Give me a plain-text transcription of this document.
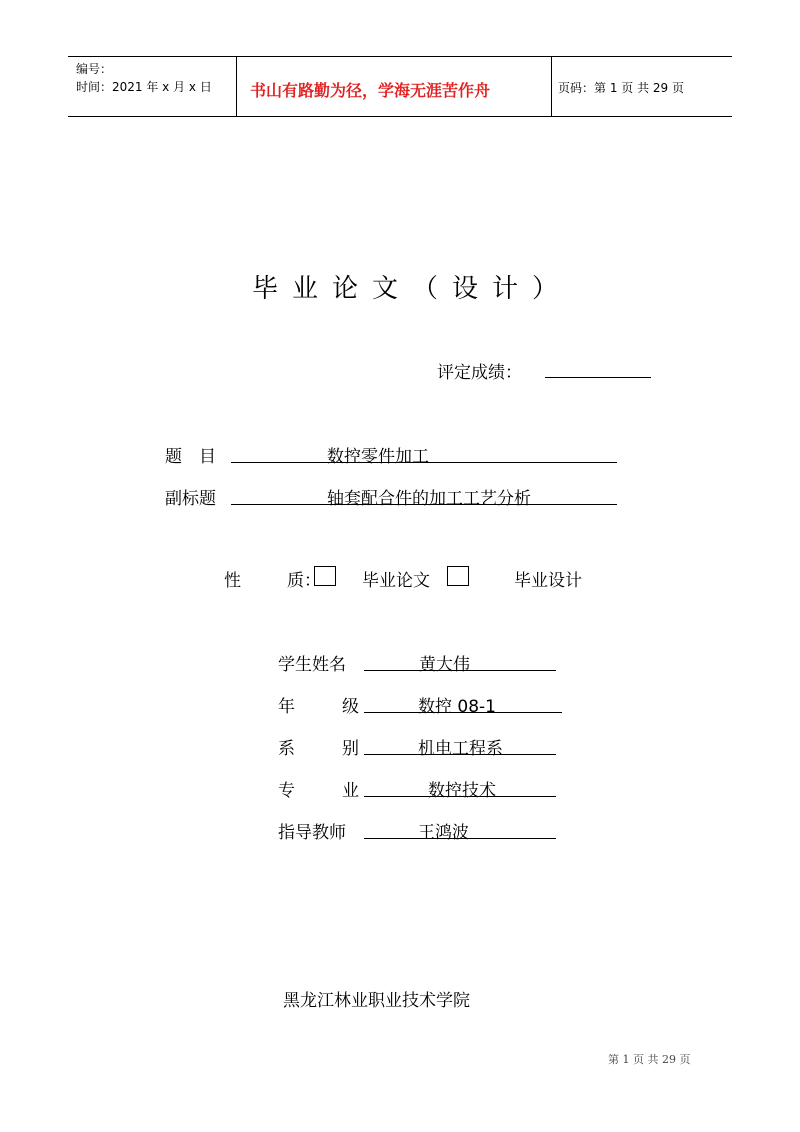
编号：
时间：2021 年 x 月 x 日 书山有路勤为径，学海无涯苦作舟	页码：第 1 页 共 29 页
毕业论文（设计）
评定成绩：
题　目	数控零件加工
副标题	轴套配合件的加工工艺分析
性	质： 毕业论文	毕业设计
学生姓名	黄大伟
年	级	数控 08-1
系	别	机电工程系
专	业	数控技术
指导教师	王鸿波
黑龙江林业职业技术学院
第 1 页 共 29 页
